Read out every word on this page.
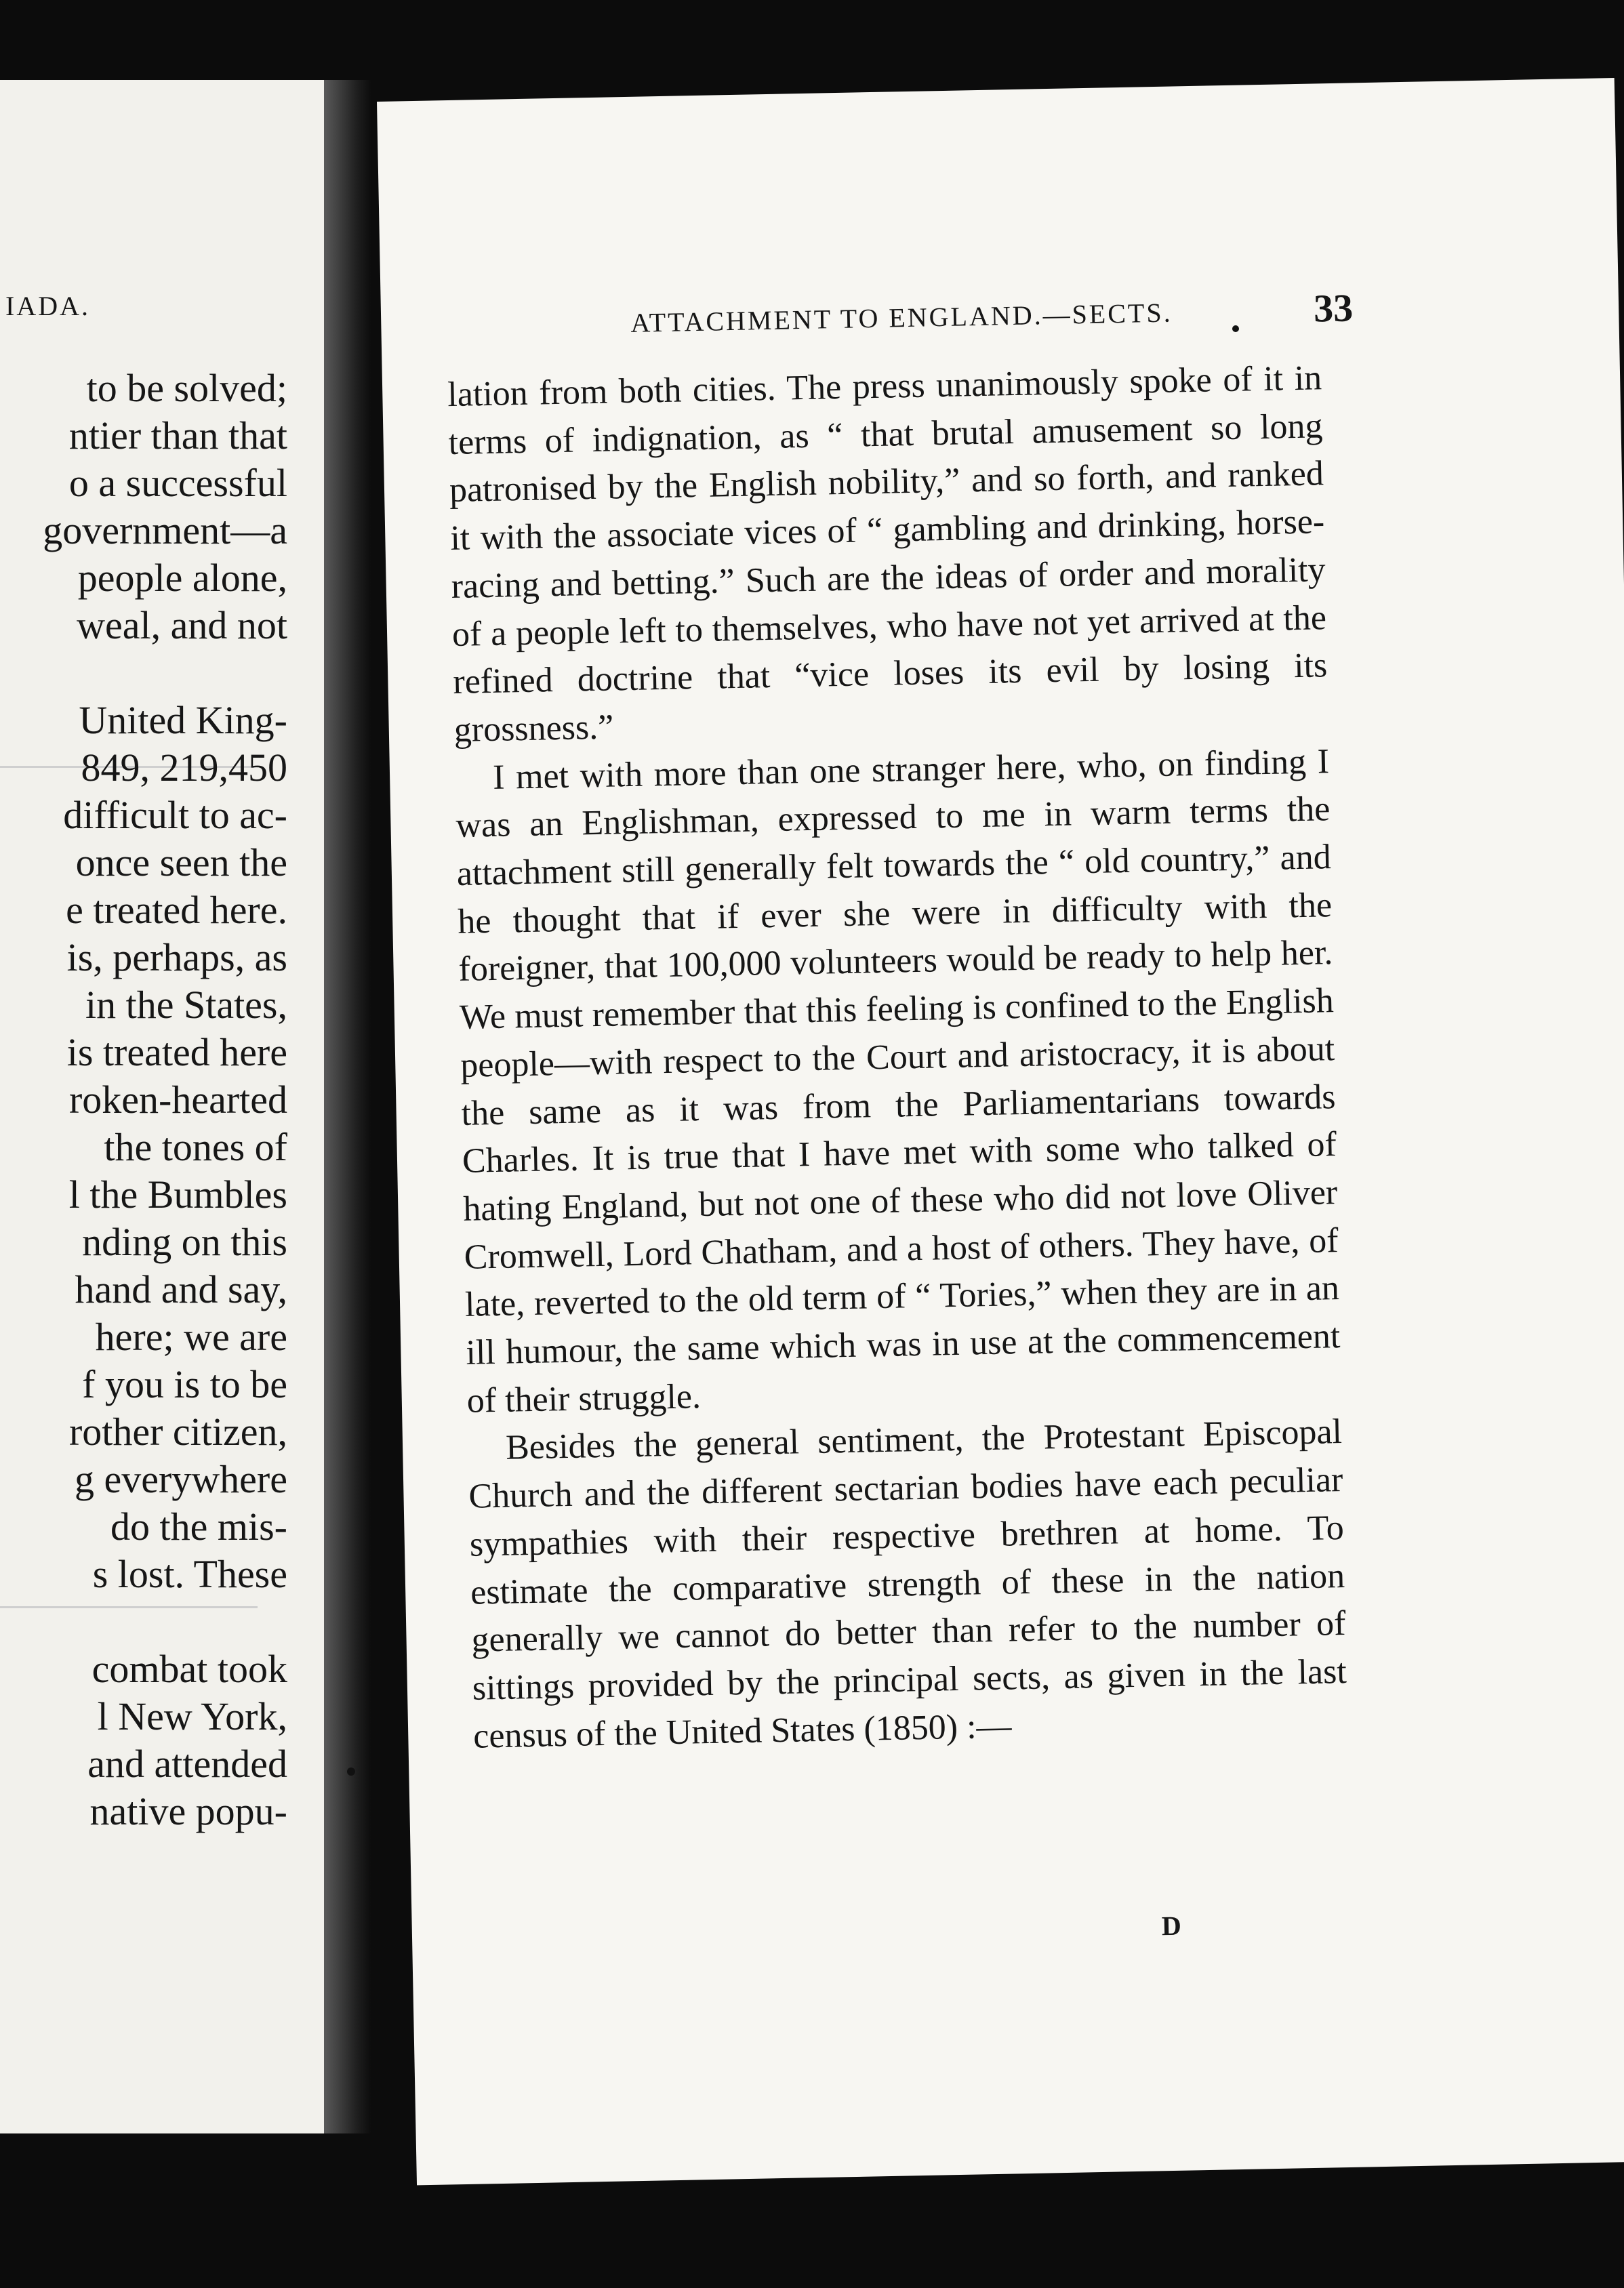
IADA.
to be solved;
ntier than that
o a successful
government—a
people alone,
weal, and not
United King-
849, 219,450
difficult to ac-
once seen the
e treated here.
is, perhaps, as
in the States,
is treated here
roken-hearted
the tones of
l the Bumbles
nding on this
hand and say,
here; we are
f you is to be
rother citizen,
g everywhere
do the mis-
s lost. These
combat took
l New York,
and attended
native popu-
ATTACHMENT TO ENGLAND.—SECTS.	33

lation from both cities. The press unanimously spoke of it in terms of indignation, as “ that brutal amusement so long patronised by the English nobility,” and so forth, and ranked it with the associate vices of “ gambling and drinking, horse-racing and betting.” Such are the ideas of order and morality of a people left to themselves, who have not yet arrived at the refined doctrine that “vice loses its evil by losing its grossness.”

I met with more than one stranger here, who, on finding I was an Englishman, expressed to me in warm terms the attachment still generally felt towards the “ old country,” and he thought that if ever she were in difficulty with the foreigner, that 100,000 volunteers would be ready to help her. We must remember that this feeling is confined to the English people—with respect to the Court and aristocracy, it is about the same as it was from the Parliamentarians towards Charles. It is true that I have met with some who talked of hating England, but not one of these who did not love Oliver Cromwell, Lord Chatham, and a host of others. They have, of late, reverted to the old term of “ Tories,” when they are in an ill humour, the same which was in use at the commencement of their struggle.

Besides the general sentiment, the Protestant Episcopal Church and the different sectarian bodies have each peculiar sympathies with their respective brethren at home. To estimate the comparative strength of these in the nation generally we cannot do better than refer to the number of sittings provided by the principal sects, as given in the last census of the United States (1850) :—

D
